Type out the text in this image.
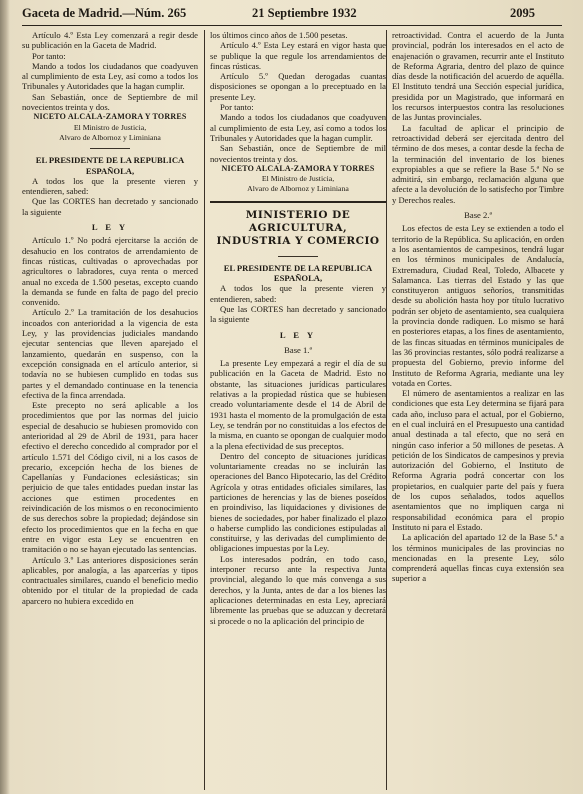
Gaceta de Madrid.—Núm. 265	21 Septiembre 1932	2095

Artículo 4.º Esta Ley comenzará a regir desde su publicación en la Gaceta de Madrid.

Por tanto:

Mando a todos los ciudadanos que coadyuven al cumplimiento de esta Ley, así como a todos los Tribunales y Autoridades que la hagan cumplir.

San Sebastián, once de Septiembre de mil novecientos treinta y dos.

NICETO ALCALA-ZAMORA Y TORRES

El Ministro de Justicia,

Alvaro de Albornoz y Liminiana

EL PRESIDENTE DE LA REPUBLICA ESPAÑOLA,

A todos los que la presente vieren y entendieren, sabed:

Que las CORTES han decretado y sancionado la siguiente

L E Y

Artículo 1.º No podrá ejercitarse la acción de desahucio en los contratos de arrendamiento de fincas rústicas, cultivadas o aprovechadas por agricultores o labradores, cuya renta o merced anual no exceda de 1.500 pesetas, excepto cuando la demanda se funde en falta de pago del precio convenido.

Artículo 2.º La tramitación de los desahucios incoados con anterioridad a la vigencia de esta Ley, y las providencias judiciales mandando ejecutar sentencias que lleven aparejado el lanzamiento, quedarán en suspenso, con la excepción consignada en el artículo anterior, si todavía no se hubiesen cumplido en todas sus partes y el demandado continuase en la tenencia efectiva de la finca arrendada.

Este precepto no será aplicable a los procedimientos que por las normas del juicio especial de desahucio se hubiesen promovido con anterioridad al 29 de Abril de 1931, para hacer efectivo el derecho concedido al comprador por el artículo 1.571 del Código civil, ni a los casos de precario, excepción hecha de los bienes de Capellanías y Fundaciones eclesiásticas; sin perjuicio de que tales entidades puedan instar las acciones que estimen procedentes en reivindicación de los mismos o en reconocimiento de sus derechos sobre la propiedad; dejándose sin efecto los procedimientos que en la fecha en que entre en vigor esta Ley se encuentren en tramitación o no se hayan ejecutado las sentencias.

Artículo 3.º Las anteriores disposiciones serán aplicables, por analogía, a las aparcerías y tipos contractuales similares, cuando el beneficio medio obtenido por el titular de la propiedad de cada aparcero no hubiera excedido en

los últimos cinco años de 1.500 pesetas.

Artículo 4.º Esta Ley estará en vigor hasta que se publique la que regule los arrendamientos de fincas rústicas.

Artículo 5.º Quedan derogadas cuantas disposiciones se opongan a lo preceptuado en la presente Ley.

Por tanto:

Mando a todos los ciudadanos que coadyuven al cumplimiento de esta Ley, así como a todos los Tribunales y Autoridades que la hagan cumplir.

San Sebastián, once de Septiembre de mil novecientos treinta y dos.

NICETO ALCALA-ZAMORA Y TORRES

El Ministro de Justicia,

Alvaro de Albornoz y Liminiana

MINISTERIO DE AGRICULTURA, INDUSTRIA Y COMERCIO

EL PRESIDENTE DE LA REPUBLICA ESPAÑOLA,

A todos los que la presente vieren y entendieren, sabed:

Que las CORTES han decretado y sancionado la siguiente

L E Y

Base 1.ª

La presente Ley empezará a regir el día de su publicación en la Gaceta de Madrid. Esto no obstante, las situaciones jurídicas particulares relativas a la propiedad rústica que se hubiesen creado voluntariamente desde el 14 de Abril de 1931 hasta el momento de la promulgación de esta Ley, se tendrán por no constituidas a los efectos de la misma, en cuanto se opongan de cualquier modo a la plena efectividad de sus preceptos.

Dentro del concepto de situaciones jurídicas voluntariamente creadas no se incluirán las operaciones del Banco Hipotecario, las del Crédito Agrícola y otras entidades oficiales similares, las particiones de herencias y las de bienes poseídos en proindiviso, las liquidaciones y divisiones de bienes de sociedades, por haber finalizado el plazo o haberse cumplido las condiciones estipuladas al constituirse, y las derivadas del cumplimiento de obligaciones impuestas por la Ley.

Los interesados podrán, en todo caso, interponer recurso ante la respectiva Junta provincial, alegando lo que más convenga a sus derechos, y la Junta, antes de dar a los bienes las aplicaciones determinadas en esta Ley, apreciará libremente las pruebas que se aduzcan y decretará si procede o no la aplicación del principio de

retroactividad. Contra el acuerdo de la Junta provincial, podrán los interesados en el acto de enajenación o gravamen, recurrir ante el Instituto de Reforma Agraria, dentro del plazo de quince días desde la notificación del acuerdo de aquélla. El Instituto tendrá una Sección especial jurídica, presidida por un Magistrado, que informará en los recursos interpuestos contra las resoluciones de las Juntas provinciales.

La facultad de aplicar el principio de retroactividad deberá ser ejercitada dentro del término de dos meses, a contar desde la fecha de la terminación del inventario de los bienes expropiables a que se refiere la Base 5.ª No se admitirá, sin embargo, reclamación alguna que afecte a la devolución de lo satisfecho por Timbre y Derechos reales.

Base 2.ª

Los efectos de esta Ley se extienden a todo el territorio de la República. Su aplicación, en orden a los asentamientos de campesinos, tendrá lugar en los términos municipales de Andalucía, Extremadura, Ciudad Real, Toledo, Albacete y Salamanca. Las tierras del Estado y las que constituyeron antiguos señoríos, transmitidas desde su abolición hasta hoy por título lucrativo podrán ser objeto de asentamiento, sea cualquiera la provincia donde radiquen. Lo mismo se hará en posteriores etapas, a los fines de asentamiento, de las fincas situadas en términos municipales de las 36 provincias restantes, sólo podrá realizarse a propuesta del Gobierno, previo informe del Instituto de Reforma Agraria, mediante una ley votada en Cortes.

El número de asentamientos a realizar en las condiciones que esta Ley determina se fijará para cada año, incluso para el actual, por el Gobierno, en el cual incluirá en el Presupuesto una cantidad anual destinada a tal efecto, que no será en ningún caso inferior a 50 millones de pesetas. A petición de los Sindicatos de campesinos y previa autorización del Gobierno, el Instituto de Reforma Agraria podrá concertar con los propietarios, en cualquier parte del país y fuera de los cupos señalados, todos aquellos asentamientos que no impliquen carga ni responsabilidad económica para el propio Instituto ni para el Estado.

La aplicación del apartado 12 de la Base 5.ª a los términos municipales de las provincias no mencionadas en la presente Ley, sólo comprenderá aquellas fincas cuya extensión sea superior a
